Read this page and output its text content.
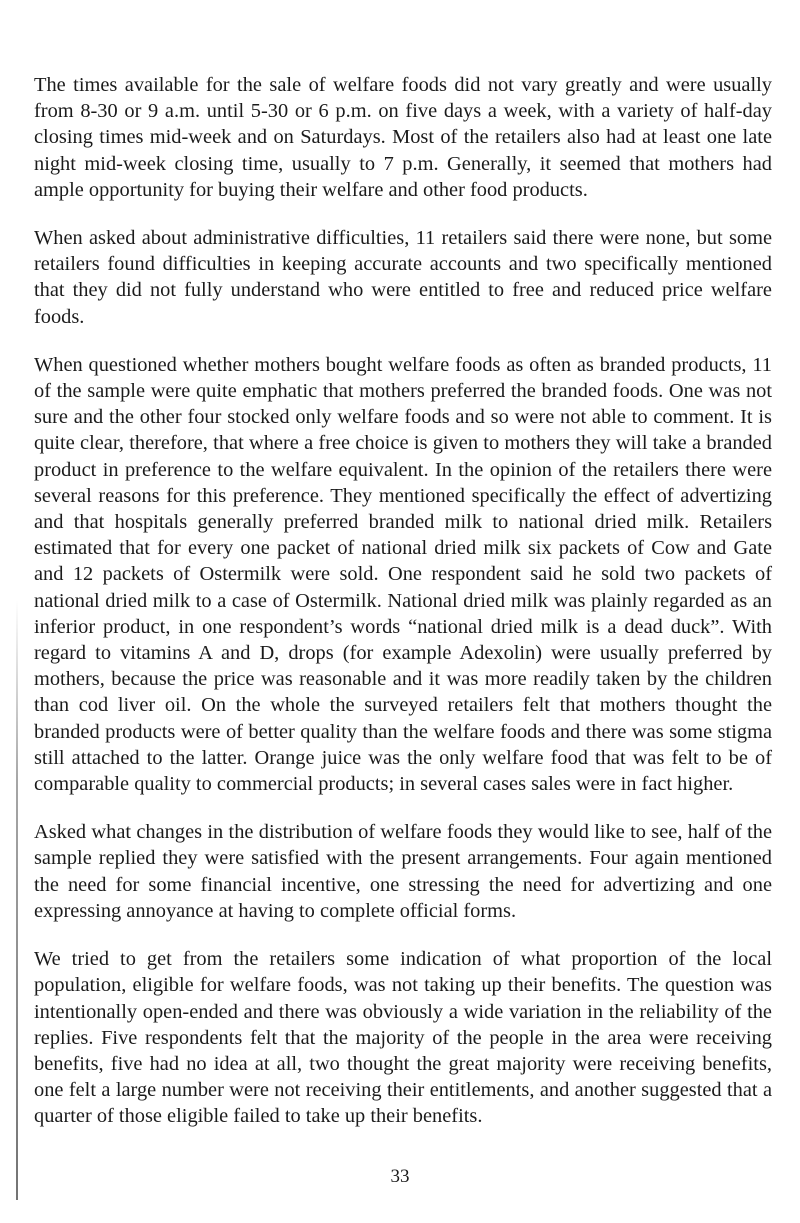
The times available for the sale of welfare foods did not vary greatly and were usually from 8-30 or 9 a.m. until 5-30 or 6 p.m. on five days a week, with a variety of half-day closing times mid-week and on Saturdays. Most of the retailers also had at least one late night mid-week closing time, usually to 7 p.m. Generally, it seemed that mothers had ample opportunity for buying their welfare and other food products.

When asked about administrative difficulties, 11 retailers said there were none, but some retailers found difficulties in keeping accurate accounts and two specifically mentioned that they did not fully understand who were entitled to free and reduced price welfare foods.

When questioned whether mothers bought welfare foods as often as branded products, 11 of the sample were quite emphatic that mothers preferred the branded foods. One was not sure and the other four stocked only welfare foods and so were not able to comment. It is quite clear, therefore, that where a free choice is given to mothers they will take a branded product in preference to the welfare equivalent. In the opinion of the retailers there were several reasons for this preference. They mentioned specifically the effect of advertizing and that hospitals generally preferred branded milk to national dried milk. Retailers estimated that for every one packet of national dried milk six packets of Cow and Gate and 12 packets of Ostermilk were sold. One respondent said he sold two packets of national dried milk to a case of Ostermilk. National dried milk was plainly regarded as an inferior product, in one respondent’s words “national dried milk is a dead duck”. With regard to vitamins A and D, drops (for example Adexolin) were usually preferred by mothers, because the price was reasonable and it was more readily taken by the children than cod liver oil. On the whole the surveyed retailers felt that mothers thought the branded products were of better quality than the welfare foods and there was some stigma still attached to the latter. Orange juice was the only welfare food that was felt to be of comparable quality to commercial products; in several cases sales were in fact higher.

Asked what changes in the distribution of welfare foods they would like to see, half of the sample replied they were satisfied with the present arrangements. Four again mentioned the need for some financial incentive, one stressing the need for advertizing and one expressing annoyance at having to complete official forms.

We tried to get from the retailers some indication of what proportion of the local population, eligible for welfare foods, was not taking up their benefits. The question was intentionally open-ended and there was obviously a wide variation in the reliability of the replies. Five respondents felt that the majority of the people in the area were receiving benefits, five had no idea at all, two thought the great majority were receiving benefits, one felt a large number were not receiving their entitlements, and another suggested that a quarter of those eligible failed to take up their benefits.

33
